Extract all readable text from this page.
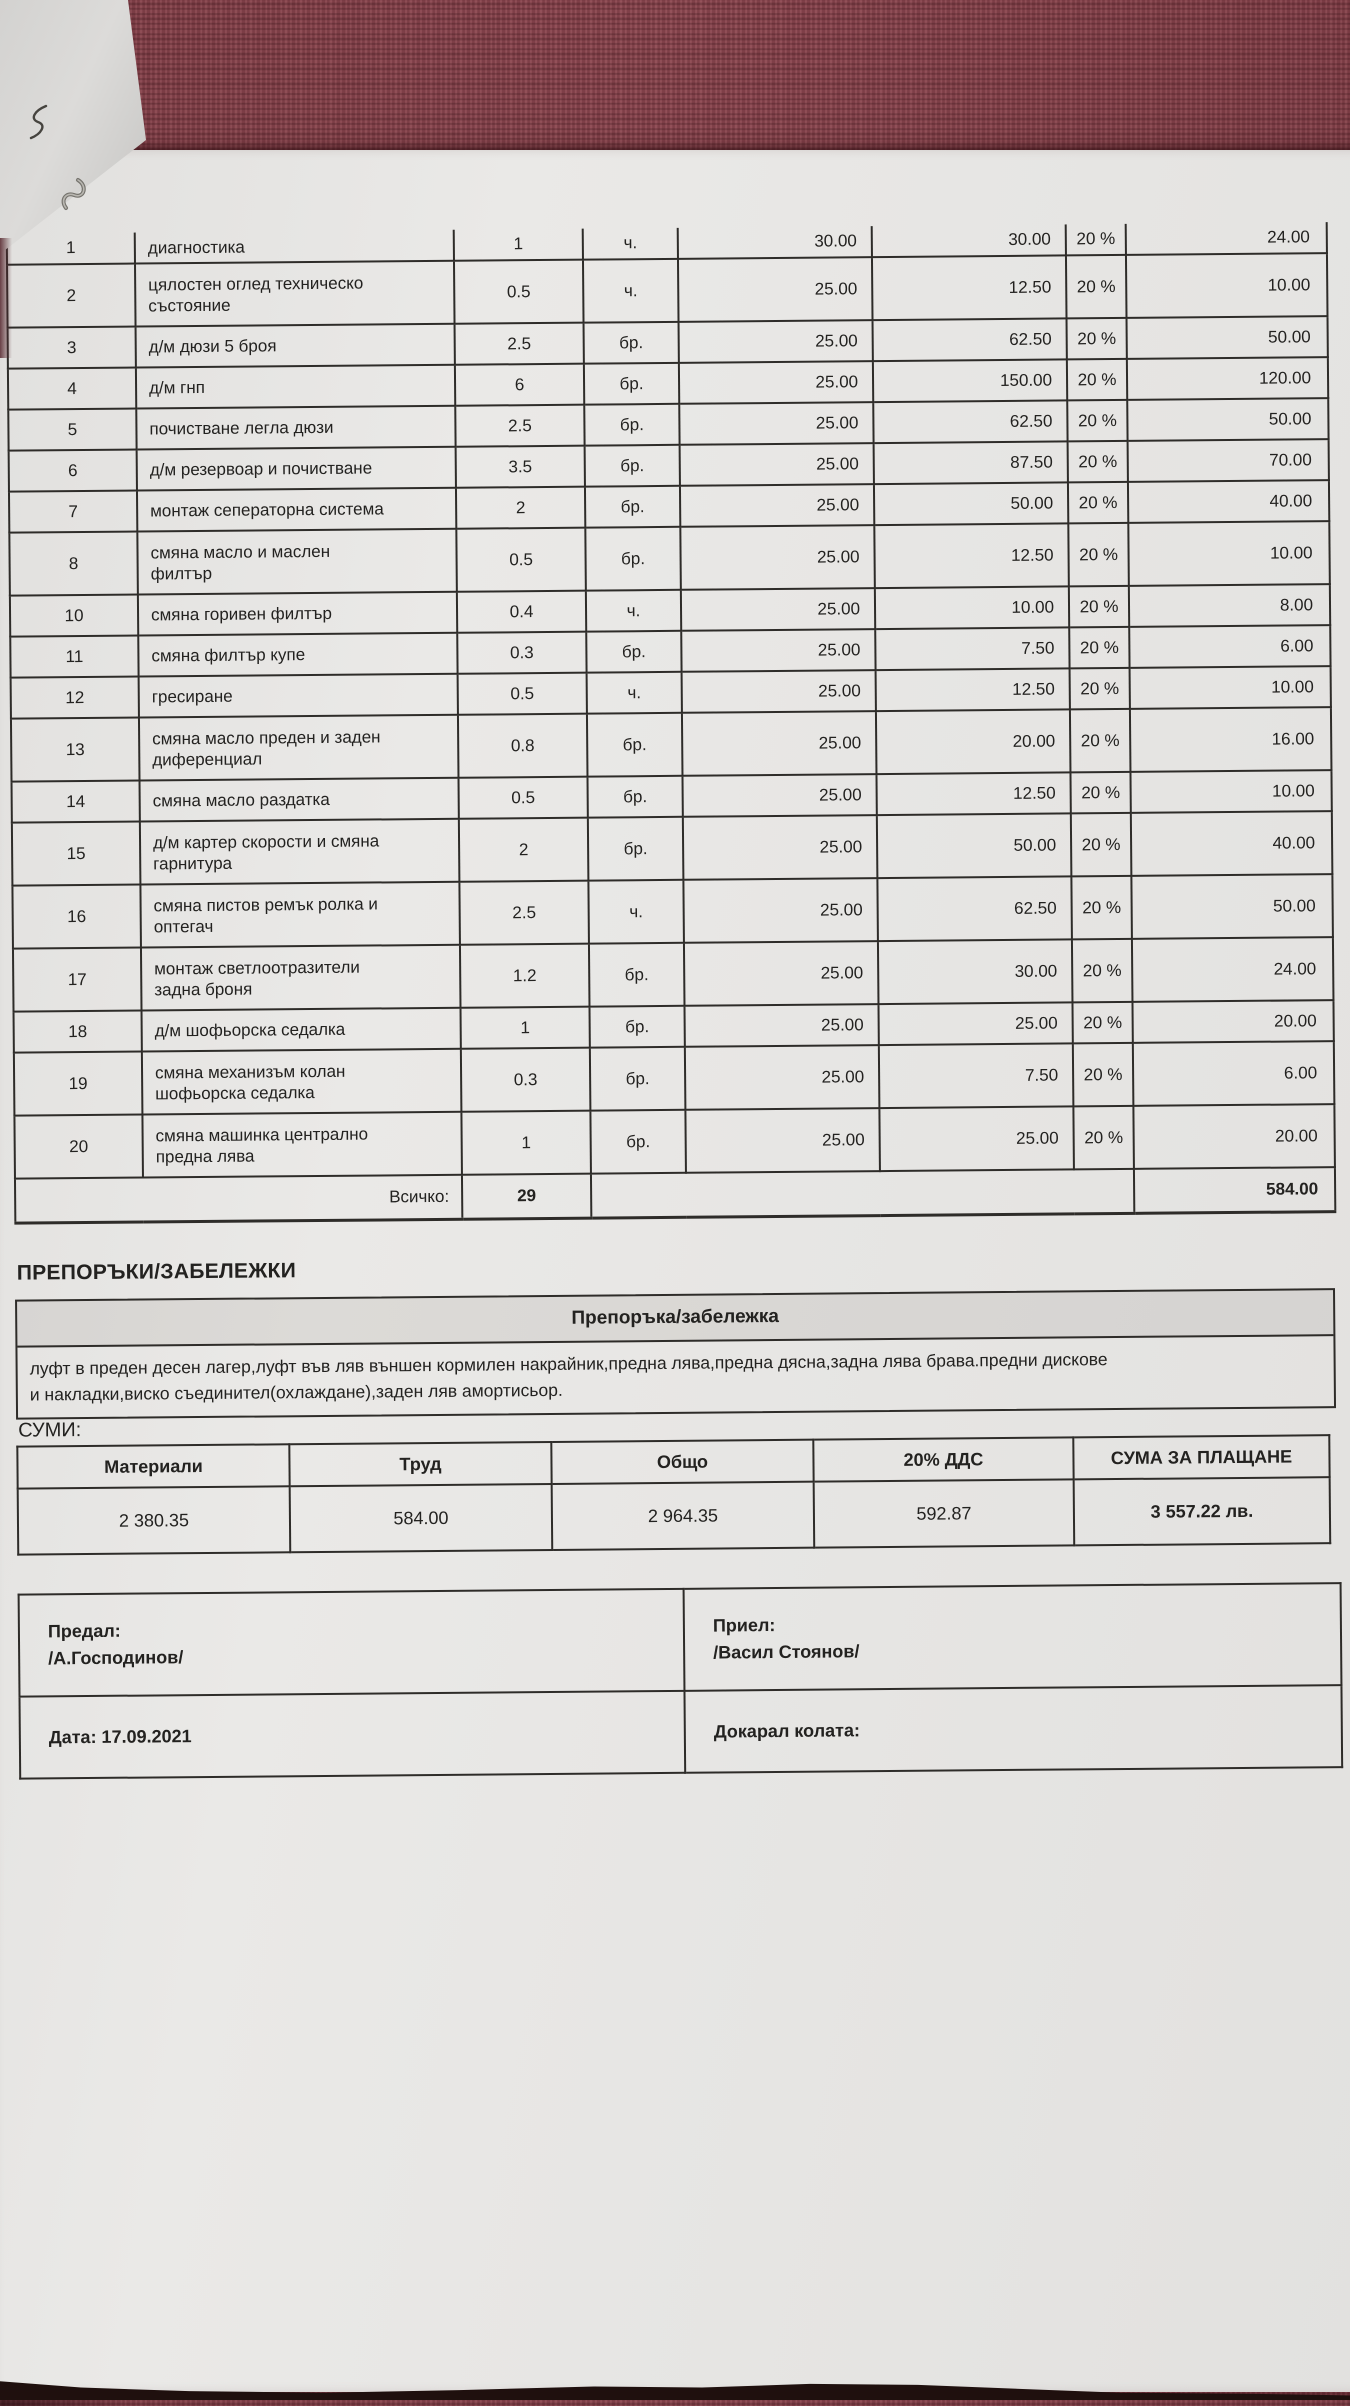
1	диагностика	1	ч.	30.00	30.00	20 %	24.00
2	цялостен оглед техническо състояние	0.5	ч.	25.00	12.50	20 %	10.00
3	д/м дюзи 5 броя	2.5	бр.	25.00	62.50	20 %	50.00
4	д/м гнп	6	бр.	25.00	150.00	20 %	120.00
5	почистване легла дюзи	2.5	бр.	25.00	62.50	20 %	50.00
6	д/м резервоар и почистване	3.5	бр.	25.00	87.50	20 %	70.00
7	монтаж сеператорна система	2	бр.	25.00	50.00	20 %	40.00
8	смяна масло и маслен филтър	0.5	бр.	25.00	12.50	20 %	10.00
10	смяна горивен филтър	0.4	ч.	25.00	10.00	20 %	8.00
11	смяна филтър купе	0.3	бр.	25.00	7.50	20 %	6.00
12	гресиране	0.5	ч.	25.00	12.50	20 %	10.00
13	смяна масло преден и заден диференциал	0.8	бр.	25.00	20.00	20 %	16.00
14	смяна масло раздатка	0.5	бр.	25.00	12.50	20 %	10.00
15	д/м картер скорости и смяна гарнитура	2	бр.	25.00	50.00	20 %	40.00
16	смяна пистов ремък ролка и оптегач	2.5	ч.	25.00	62.50	20 %	50.00
17	монтаж светлоотразители задна броня	1.2	бр.	25.00	30.00	20 %	24.00
18	д/м шофьорска седалка	1	бр.	25.00	25.00	20 %	20.00
19	смяна механизъм колан шофьорска седалка	0.3	бр.	25.00	7.50	20 %	6.00
20	смяна машинка централно предна лява	1	бр.	25.00	25.00	20 %	20.00
Всичко:		29					584.00
ПРЕПОРЪКИ/ЗАБЕЛЕЖКИ
Препоръка/забележка
луфт в преден десен лагер,луфт във ляв външен кормилен накрайник,предна лява,предна дясна,задна лява брава.предни дискове
и накладки,виско съединител(охлаждане),заден ляв амортисьор.
СУМИ:
Материали	Труд	Общо	20% ДДС	СУМА ЗА ПЛАЩАНЕ
2 380.35	584.00	2 964.35	592.87	3 557.22 лв.
Предал:
/А.Господинов/

Приел:
/Васил Стоянов/

Дата: 17.09.2021	Докарал колата:
